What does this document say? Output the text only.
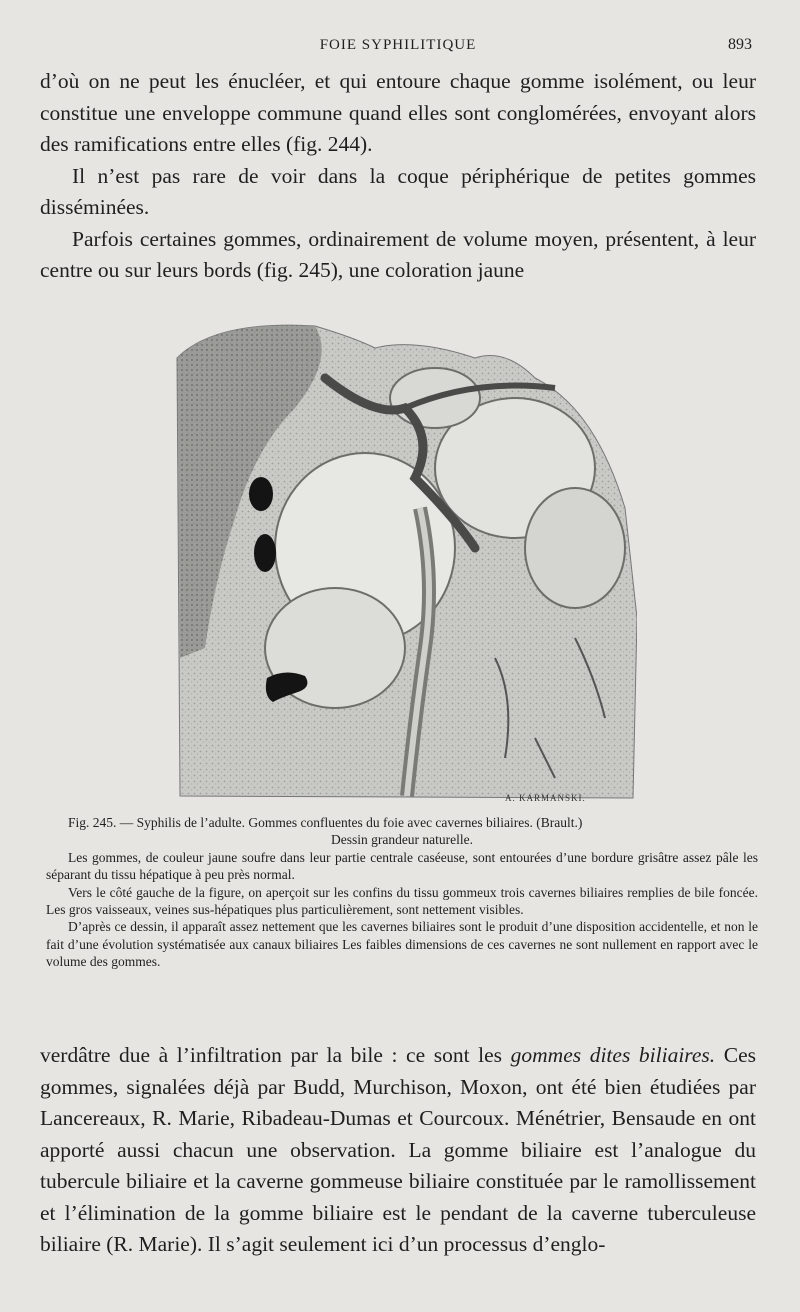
FOIE SYPHILITIQUE	893

d’où on ne peut les énucléer, et qui entoure chaque gomme isolément, ou leur constitue une enveloppe commune quand elles sont conglomérées, envoyant alors des ramifications entre elles (fig. 244).

Il n’est pas rare de voir dans la coque périphérique de petites gommes disséminées.

Parfois certaines gommes, ordinairement de volume moyen, présentent, à leur centre ou sur leurs bords (fig. 245), une coloration jaune

A. KARMANSKI.

Fig. 245. — Syphilis de l’adulte. Gommes confluentes du foie avec cavernes biliaires. (Brault.)

Dessin grandeur naturelle.

Les gommes, de couleur jaune soufre dans leur partie centrale caséeuse, sont entourées d’une bordure grisâtre assez pâle les séparant du tissu hépatique à peu près normal.

Vers le côté gauche de la figure, on aperçoit sur les confins du tissu gommeux trois cavernes biliaires remplies de bile foncée. Les gros vaisseaux, veines sus-hépatiques plus particulièrement, sont nettement visibles.

D’après ce dessin, il apparaît assez nettement que les cavernes biliaires sont le produit d’une disposition accidentelle, et non le fait d’une évolution systématisée aux canaux biliaires Les faibles dimensions de ces cavernes ne sont nullement en rapport avec le volume des gommes.

verdâtre due à l’infiltration par la bile : ce sont les gommes dites biliaires. Ces gommes, signalées déjà par Budd, Murchison, Moxon, ont été bien étudiées par Lancereaux, R. Marie, Ribadeau-Dumas et Courcoux. Ménétrier, Bensaude en ont apporté aussi chacun une observation. La gomme biliaire est l’analogue du tubercule biliaire et la caverne gommeuse biliaire constituée par le ramollissement et l’élimination de la gomme biliaire est le pendant de la caverne tuberculeuse biliaire (R. Marie). Il s’agit seulement ici d’un processus d’englo-
